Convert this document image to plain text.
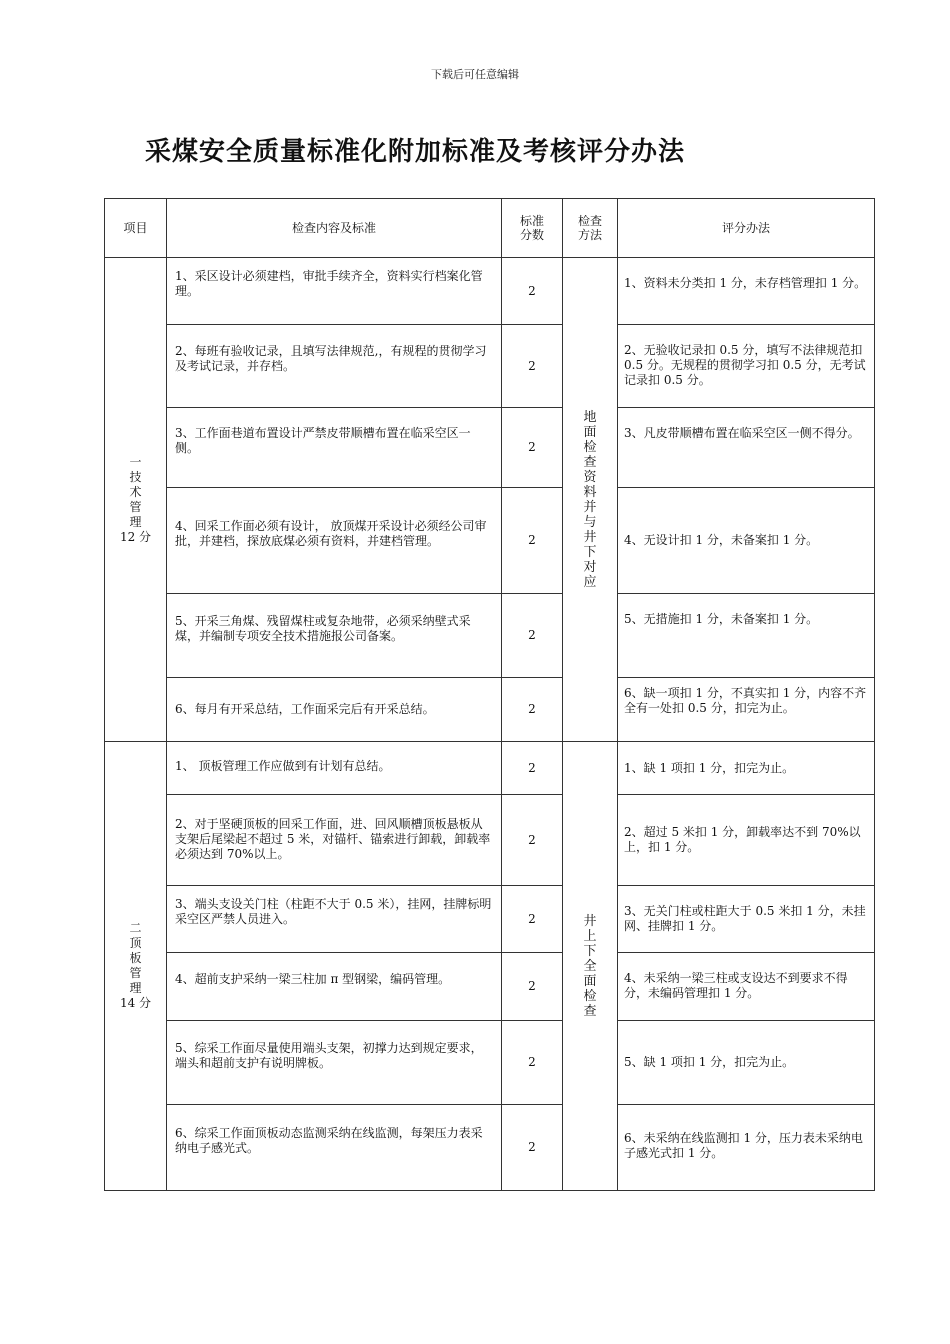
下载后可任意编辑
采煤安全质量标准化附加标准及考核评分办法
项目	检查内容及标准	标准分数	检查方法	评分办法
一技术管理
12 分	1、采区设计必须建档，审批手续齐全，资料实行档案化管理。	2	地面检查资料并与井下对应	1、资料未分类扣 1 分，未存档管理扣 1 分。

	2、每班有验收记录，且填写法律规范,，有规程的贯彻学习及考试记录，并存档。	2		2、无验收记录扣 0.5 分，填写不法律规范扣 0.5 分。无规程的贯彻学习扣 0.5 分，无考试记录扣 0.5 分。

	3、工作面巷道布置设计严禁皮带顺槽布置在临采空区一侧。	2		3、凡皮带顺槽布置在临采空区一侧不得分。

	4、回采工作面必须有设计， 放顶煤开采设计必须经公司审批，并建档，探放底煤必须有资料，并建档管理。	2		4、无设计扣 1 分，未备案扣 1 分。

	5、开采三角煤、残留煤柱或复杂地带，必须采纳壁式采煤，并编制专项安全技术措施报公司备案。	2		5、无措施扣 1 分，未备案扣 1 分。

	6、每月有开采总结，工作面采完后有开采总结。	2		6、缺一项扣 1 分，不真实扣 1 分，内容不齐全有一处扣 0.5 分，扣完为止。

二顶板管理
14 分	1、 顶板管理工作应做到有计划有总结。	2	井上下全面检查	1、缺 1 项扣 1 分，扣完为止。

	2、对于坚硬顶板的回采工作面，进、回风顺槽顶板悬板从支架后尾梁起不超过 5 米，对锚杆、锚索进行卸载，卸载率必须达到 70%以上。	2		2、超过 5 米扣 1 分，卸载率达不到 70%以上，扣 1 分。

	3、端头支设关门柱（柱距不大于 0.5 米），挂网，挂牌标明采空区严禁人员进入。	2		3、无关门柱或柱距大于 0.5 米扣 1 分，未挂网、挂牌扣 1 分。

	4、超前支护采纳一梁三柱加 π 型钢梁，编码管理。	2		4、未采纳一梁三柱或支设达不到要求不得分，未编码管理扣 1 分。

	5、综采工作面尽量使用端头支架，初撑力达到规定要求，端头和超前支护有说明牌板。	2		5、缺 1 项扣 1 分，扣完为止。

	6、综采工作面顶板动态监测采纳在线监测，每架压力表采纳电子感光式。	2		6、未采纳在线监测扣 1 分，压力表未采纳电子感光式扣 1 分。
